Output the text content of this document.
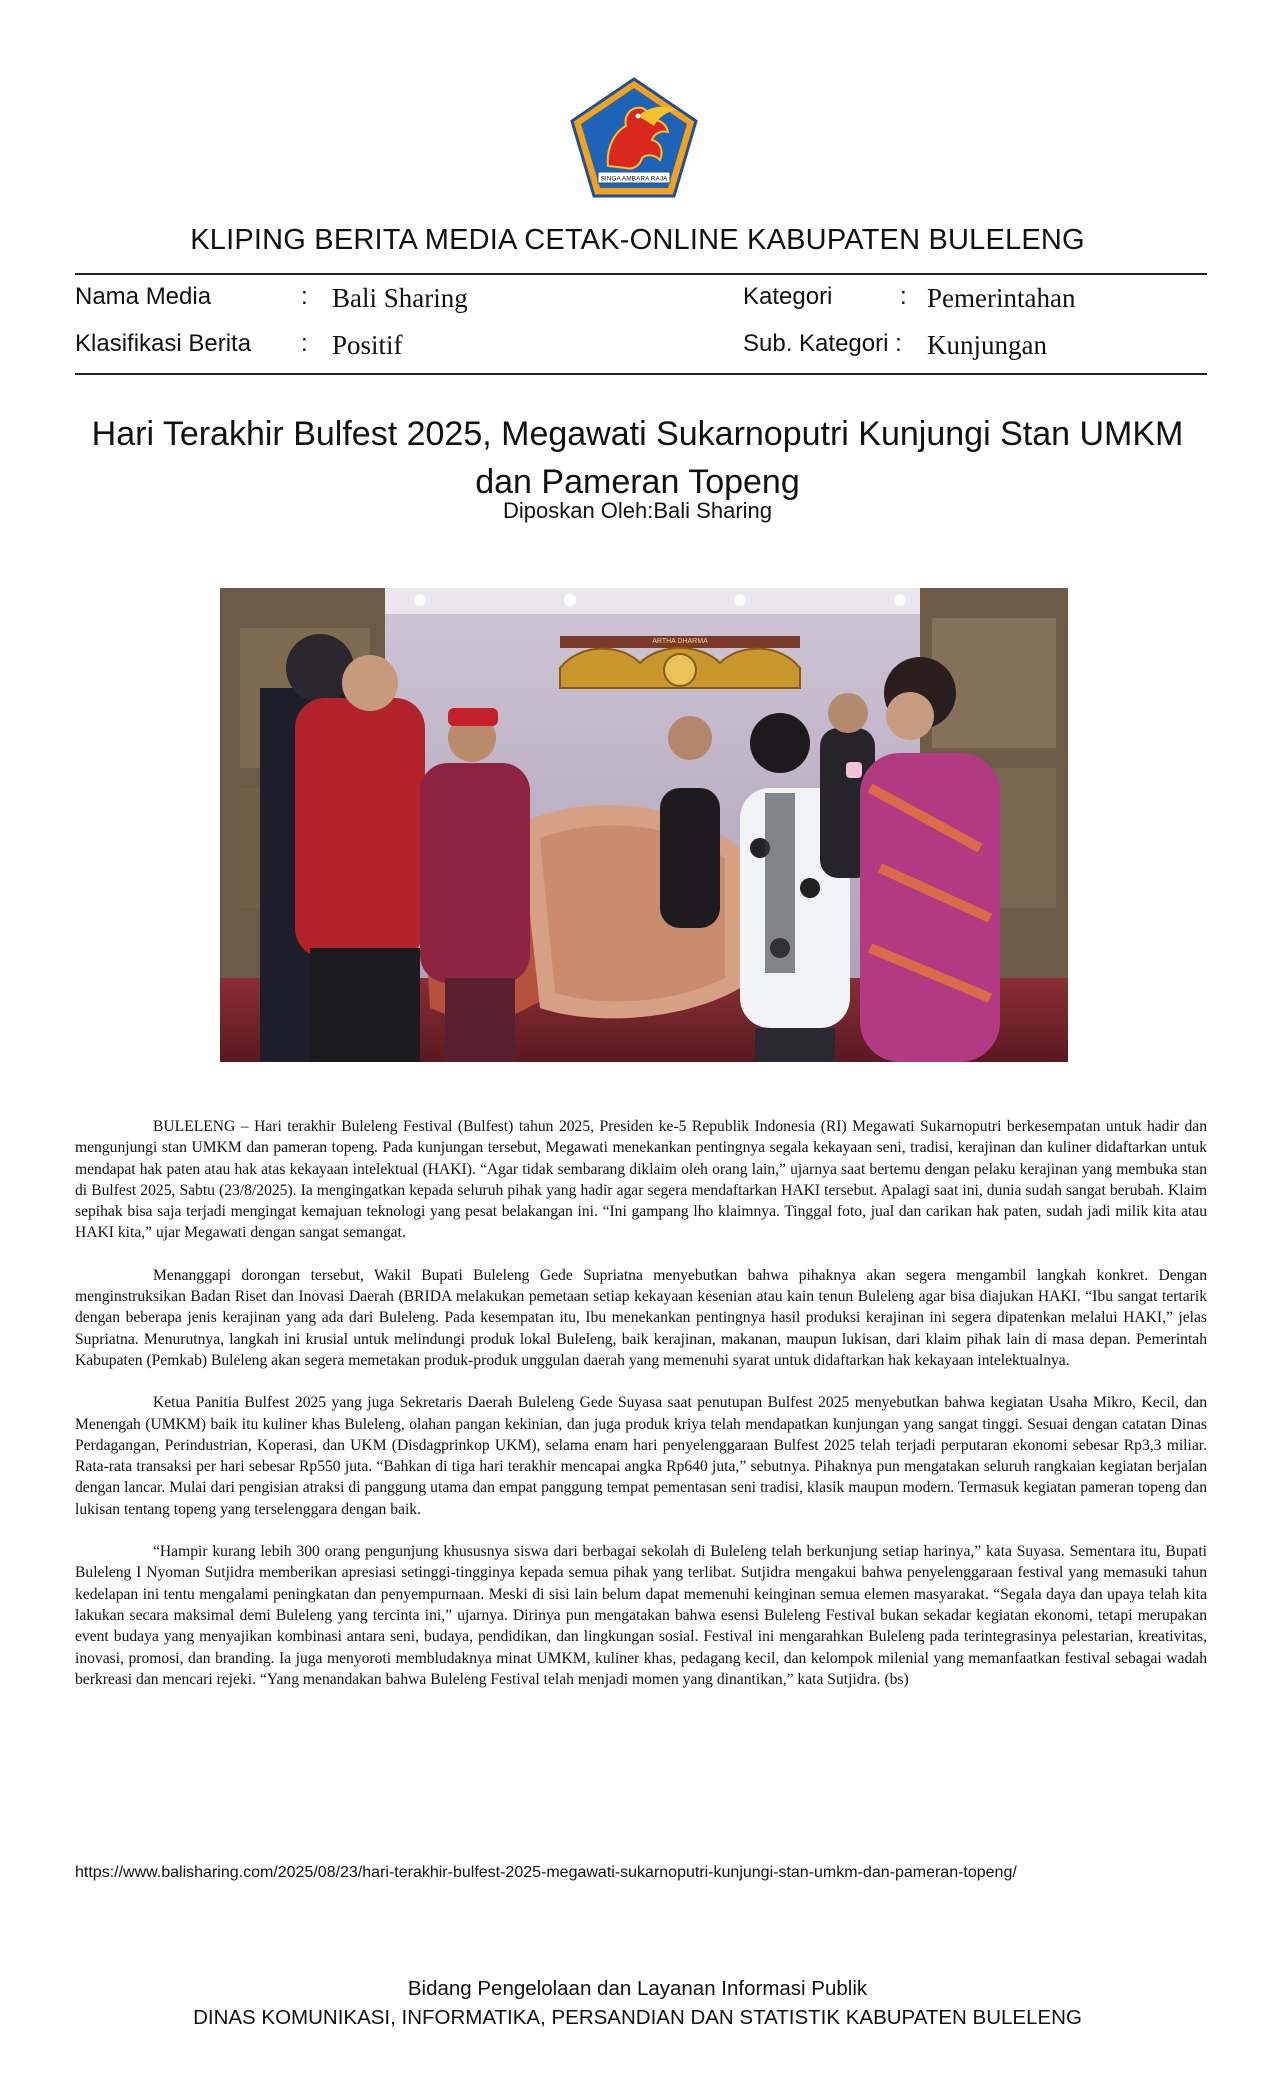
SINGA AMBARA RAJA
KLIPING BERITA MEDIA CETAK-ONLINE KABUPATEN BULELENG
Nama Media	: Bali Sharing	Kategori	: Pemerintahan
Klasifikasi Berita : Positif	Sub. Kategori : Kunjungan
Hari Terakhir Bulfest 2025, Megawati Sukarnoputri Kunjungi Stan UMKM
dan Pameran Topeng
Diposkan Oleh:Bali Sharing
ARTHA DHARMA

BULELENG – Hari terakhir Buleleng Festival (Bulfest) tahun 2025, Presiden ke-5 Republik Indonesia (RI) Megawati Sukarnoputri berkesempatan untuk hadir dan mengunjungi stan UMKM dan pameran topeng. Pada kunjungan tersebut, Megawati menekankan pentingnya segala kekayaan seni, tradisi, kerajinan dan kuliner didaftarkan untuk mendapat hak paten atau hak atas kekayaan intelektual (HAKI). “Agar tidak sembarang diklaim oleh orang lain,” ujarnya saat bertemu dengan pelaku kerajinan yang membuka stan di Bulfest 2025, Sabtu (23/8/2025). Ia mengingatkan kepada seluruh pihak yang hadir agar segera mendaftarkan HAKI tersebut. Apalagi saat ini, dunia sudah sangat berubah. Klaim sepihak bisa saja terjadi mengingat kemajuan teknologi yang pesat belakangan ini. “Ini gampang lho klaimnya. Tinggal foto, jual dan carikan hak paten, sudah jadi milik kita atau HAKI kita,” ujar Megawati dengan sangat semangat.

Menanggapi dorongan tersebut, Wakil Bupati Buleleng Gede Supriatna menyebutkan bahwa pihaknya akan segera mengambil langkah konkret. Dengan menginstruksikan Badan Riset dan Inovasi Daerah (BRIDA melakukan pemetaan setiap kekayaan kesenian atau kain tenun Buleleng agar bisa diajukan HAKI. “Ibu sangat tertarik dengan beberapa jenis kerajinan yang ada dari Buleleng. Pada kesempatan itu, Ibu menekankan pentingnya hasil produksi kerajinan ini segera dipatenkan melalui HAKI,” jelas Supriatna. Menurutnya, langkah ini krusial untuk melindungi produk lokal Buleleng, baik kerajinan, makanan, maupun lukisan, dari klaim pihak lain di masa depan. Pemerintah Kabupaten (Pemkab) Buleleng akan segera memetakan produk-produk unggulan daerah yang memenuhi syarat untuk didaftarkan hak kekayaan intelektualnya.

Ketua Panitia Bulfest 2025 yang juga Sekretaris Daerah Buleleng Gede Suyasa saat penutupan Bulfest 2025 menyebutkan bahwa kegiatan Usaha Mikro, Kecil, dan Menengah (UMKM) baik itu kuliner khas Buleleng, olahan pangan kekinian, dan juga produk kriya telah mendapatkan kunjungan yang sangat tinggi. Sesuai dengan catatan Dinas Perdagangan, Perindustrian, Koperasi, dan UKM (Disdagprinkop UKM), selama enam hari penyelenggaraan Bulfest 2025 telah terjadi perputaran ekonomi sebesar Rp3,3 miliar. Rata-rata transaksi per hari sebesar Rp550 juta. “Bahkan di tiga hari terakhir mencapai angka Rp640 juta,” sebutnya. Pihaknya pun mengatakan seluruh rangkaian kegiatan berjalan dengan lancar. Mulai dari pengisian atraksi di panggung utama dan empat panggung tempat pementasan seni tradisi, klasik maupun modern. Termasuk kegiatan pameran topeng dan lukisan tentang topeng yang terselenggara dengan baik.

“Hampir kurang lebih 300 orang pengunjung khususnya siswa dari berbagai sekolah di Buleleng telah berkunjung setiap harinya,” kata Suyasa. Sementara itu, Bupati Buleleng I Nyoman Sutjidra memberikan apresiasi setinggi-tingginya kepada semua pihak yang terlibat. Sutjidra mengakui bahwa penyelenggaraan festival yang memasuki tahun kedelapan ini tentu mengalami peningkatan dan penyempurnaan. Meski di sisi lain belum dapat memenuhi keinginan semua elemen masyarakat. “Segala daya dan upaya telah kita lakukan secara maksimal demi Buleleng yang tercinta ini,” ujarnya. Dirinya pun mengatakan bahwa esensi Buleleng Festival bukan sekadar kegiatan ekonomi, tetapi merupakan event budaya yang menyajikan kombinasi antara seni, budaya, pendidikan, dan lingkungan sosial. Festival ini mengarahkan Buleleng pada terintegrasinya pelestarian, kreativitas, inovasi, promosi, dan branding. Ia juga menyoroti membludaknya minat UMKM, kuliner khas, pedagang kecil, dan kelompok milenial yang memanfaatkan festival sebagai wadah berkreasi dan mencari rejeki. “Yang menandakan bahwa Buleleng Festival telah menjadi momen yang dinantikan,” kata Sutjidra. (bs)

https://www.balisharing.com/2025/08/23/hari-terakhir-bulfest-2025-megawati-sukarnoputri-kunjungi-stan-umkm-dan-pameran-topeng/
Bidang Pengelolaan dan Layanan Informasi Publik
DINAS KOMUNIKASI, INFORMATIKA, PERSANDIAN DAN STATISTIK KABUPATEN BULELENG
